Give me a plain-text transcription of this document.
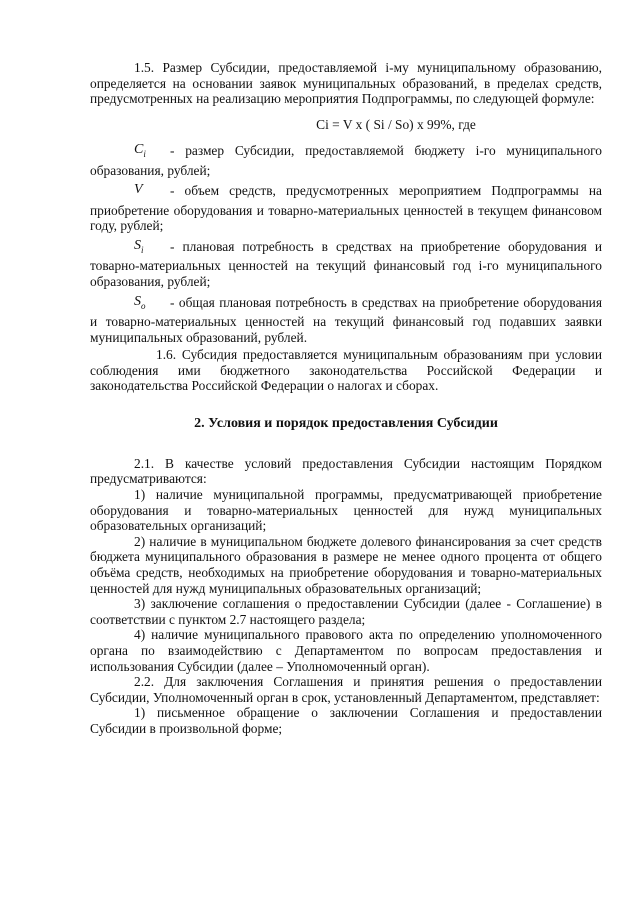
1.5. Размер Субсидии, предоставляемой i-му муниципальному образованию, определяется на основании заявок муниципальных образований, в пределах средств, предусмотренных на реализацию мероприятия Подпрограммы, по следующей формуле:

Ci = V x ( Si / So) x 99%, где

$C_i$ - размер Субсидии, предоставляемой бюджету i-го муниципального образования, рублей;

V - объем средств, предусмотренных мероприятием Подпрограммы на приобретение оборудования и товарно-материальных ценностей в текущем финансовом году, рублей;

$S_i$ - плановая потребность в средствах на приобретение оборудования и товарно-материальных ценностей на текущий финансовый год i-го муниципального образования, рублей;

$S_o$ - общая плановая потребность в средствах на приобретение оборудования и товарно-материальных ценностей на текущий финансовый год подавших заявки муниципальных образований, рублей.

1.6. Субсидия предоставляется муниципальным образованиям при условии соблюдения ими бюджетного законодательства Российской Федерации и законодательства Российской Федерации о налогах и сборах.

2. Условия и порядок предоставления Субсидии

2.1. В качестве условий предоставления Субсидии настоящим Порядком предусматриваются:

1) наличие муниципальной программы, предусматривающей приобретение оборудования и товарно-материальных ценностей для нужд муниципальных образовательных организаций;

2) наличие в муниципальном бюджете долевого финансирования за счет средств бюджета муниципального образования в размере не менее одного процента от общего объёма средств, необходимых на приобретение оборудования и товарно-материальных ценностей для нужд муниципальных образовательных организаций;

3) заключение соглашения о предоставлении Субсидии (далее - Соглашение) в соответствии с пунктом 2.7 настоящего раздела;

4) наличие муниципального правового акта по определению уполномоченного органа по взаимодействию с Департаментом по вопросам предоставления и использования Субсидии (далее – Уполномоченный орган).

2.2. Для заключения Соглашения и принятия решения о предоставлении Субсидии, Уполномоченный орган в срок, установленный Департаментом, представляет:

1) письменное обращение о заключении Соглашения и предоставлении Субсидии в произвольной форме;
